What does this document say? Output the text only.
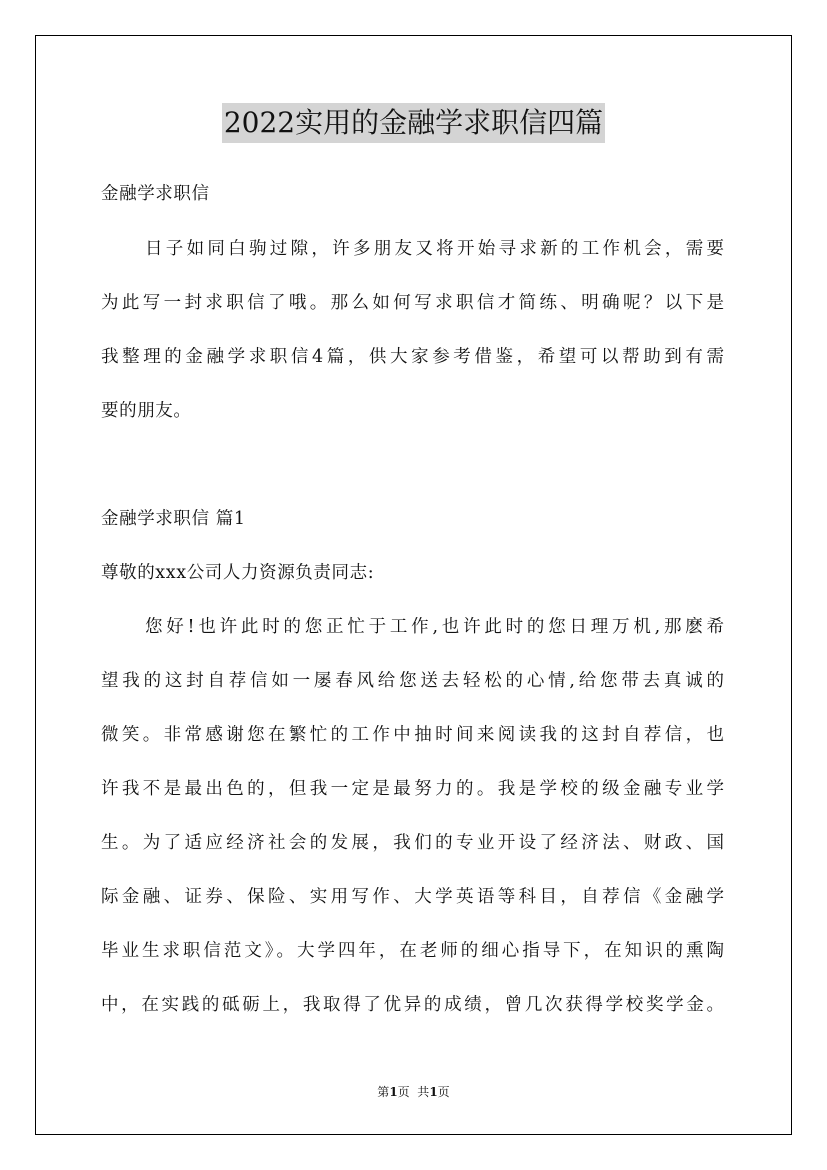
2022实用的金融学求职信四篇
金融学求职信
日子如同白驹过隙，许多朋友又将开始寻求新的工作机会，需要
为此写一封求职信了哦。那么如何写求职信才简练、明确呢？以下是
我整理的金融学求职信4篇，供大家参考借鉴，希望可以帮助到有需
要的朋友。
金融学求职信 篇1
尊敬的xxx公司人力资源负责同志:
您好!也许此时的您正忙于工作,也许此时的您日理万机,那麽希
望我的这封自荐信如一屡春风给您送去轻松的心情,给您带去真诚的
微笑。非常感谢您在繁忙的工作中抽时间来阅读我的这封自荐信，也
许我不是最出色的，但我一定是最努力的。我是学校的级金融专业学
生。为了适应经济社会的发展，我们的专业开设了经济法、财政、国
际金融、证券、保险、实用写作、大学英语等科目，自荐信《金融学
毕业生求职信范文》。大学四年，在老师的细心指导下，在知识的熏陶
中，在实践的砥砺上，我取得了优异的成绩，曾几次获得学校奖学金。
第1页  共1页
